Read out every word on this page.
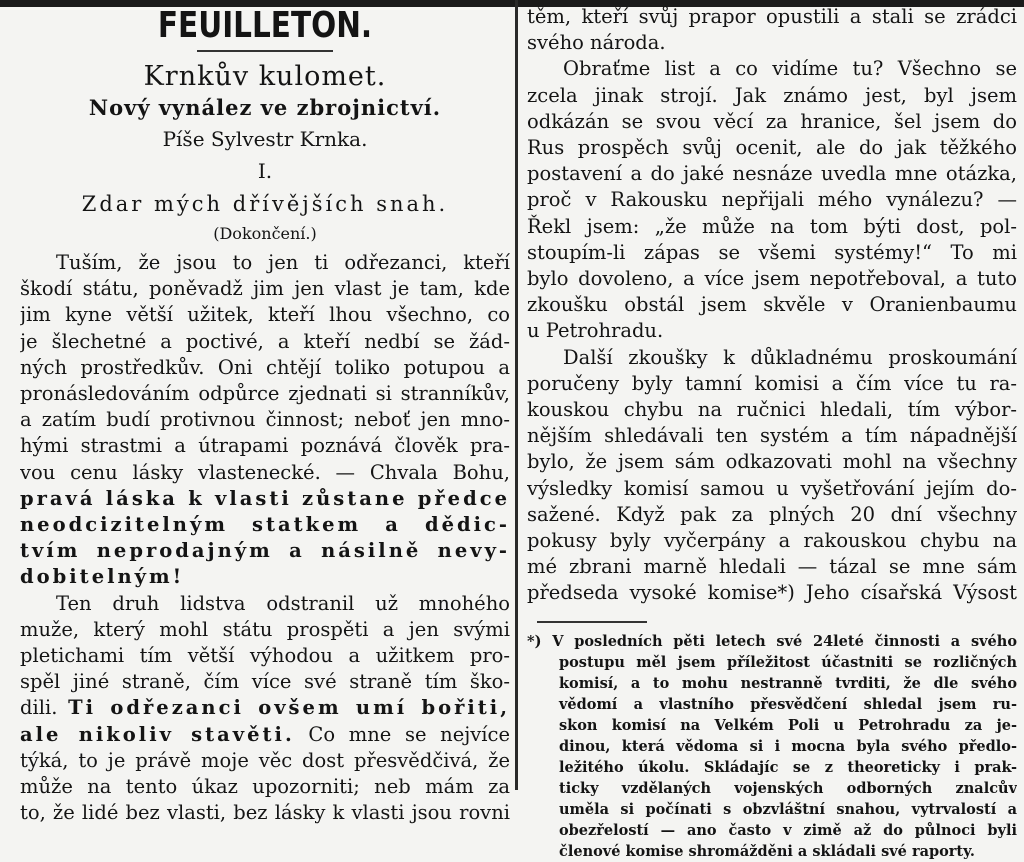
FEUILLETON.

Krnkův kulomet.

Nový vynález ve zbrojnictví.

Píše Sylvestr Krnka.

I.

Zdar mých dřívějších snah.

(Dokončení.)

Tuším, že jsou to jen ti odřezanci, kteří
škodí státu, poněvadž jim jen vlast je tam, kde
jim kyne větší užitek, kteří lhou všechno, co
je šlechetné a poctivé, a kteří nedbí se žád-
ných prostředkův. Oni chtějí toliko potupou a
pronásledováním odpůrce zjednati si stranníkův,
a zatím budí protivnou činnost; neboť jen mno-
hými strastmi a útrapami poznává člověk pra-
vou cenu lásky vlastenecké. — Chvala Bohu,
pravá láska k vlasti zůstane předce
neodcizitelným statkem a dědic-
tvím neprodajným a násilně nevy-
dobitelným!
Ten druh lidstva odstranil už mnohého
muže, který mohl státu prospěti a jen svými
pletichami tím větší výhodou a užitkem pro-
spěl jiné straně, čím více své straně tím ško-
dili. Ti odřezanci ovšem umí bořiti,
ale nikoliv stavěti. Co mne se nejvíce
týká, to je právě moje věc dost přesvědčivá, že
může na tento úkaz upozorniti; neb mám za
to, že lidé bez vlasti, bez lásky k vlasti jsou rovni
těm, kteří svůj prapor opustili a stali se zrádci
svého národa.
Obraťme list a co vidíme tu? Všechno se
zcela jinak strojí. Jak známo jest, byl jsem
odkázán se svou věcí za hranice, šel jsem do
Rus prospěch svůj ocenit, ale do jak těžkého
postavení a do jaké nesnáze uvedla mne otázka,
proč v Rakousku nepřijali mého vynálezu? —
Řekl jsem: „že může na tom býti dost, pol-
stoupím-li zápas se všemi systémy!“ To mi
bylo dovoleno, a více jsem nepotřeboval, a tuto
zkoušku obstál jsem skvěle v Oranienbaumu
u Petrohradu.
Další zkoušky k důkladnému proskoumání
poručeny byly tamní komisi a čím více tu ra-
kouskou chybu na ručnici hledali, tím výbor-
nějším shledávali ten systém a tím nápadnější
bylo, že jsem sám odkazovati mohl na všechny
výsledky komisí samou u vyšetřování jejím do-
sažené. Když pak za plných 20 dní všechny
pokusy byly vyčerpány a rakouskou chybu na
mé zbrani marně hledali — tázal se mne sám
předseda vysoké komise*) Jeho císařská Výsost
*) V posledních pěti letech své 24leté činnosti a svého
postupu měl jsem příležitost účastniti se rozličných
komisí, a to mohu nestranně tvrditi, že dle svého
vědomí a vlastního přesvědčení shledal jsem ru-
skon komisí na Velkém Poli u Petrohradu za je-
dinou, která vědoma si i mocna byla svého předlo-
ležitého úkolu. Skládajíc se z theoreticky i prak-
ticky vzdělaných vojenských odborných znalcův
uměla si počínati s obzvláštní snahou, vytrvalostí a
obezřelostí — ano často v zimě až do půlnoci byli
členové komise shromážděni a skládali své raporty.
